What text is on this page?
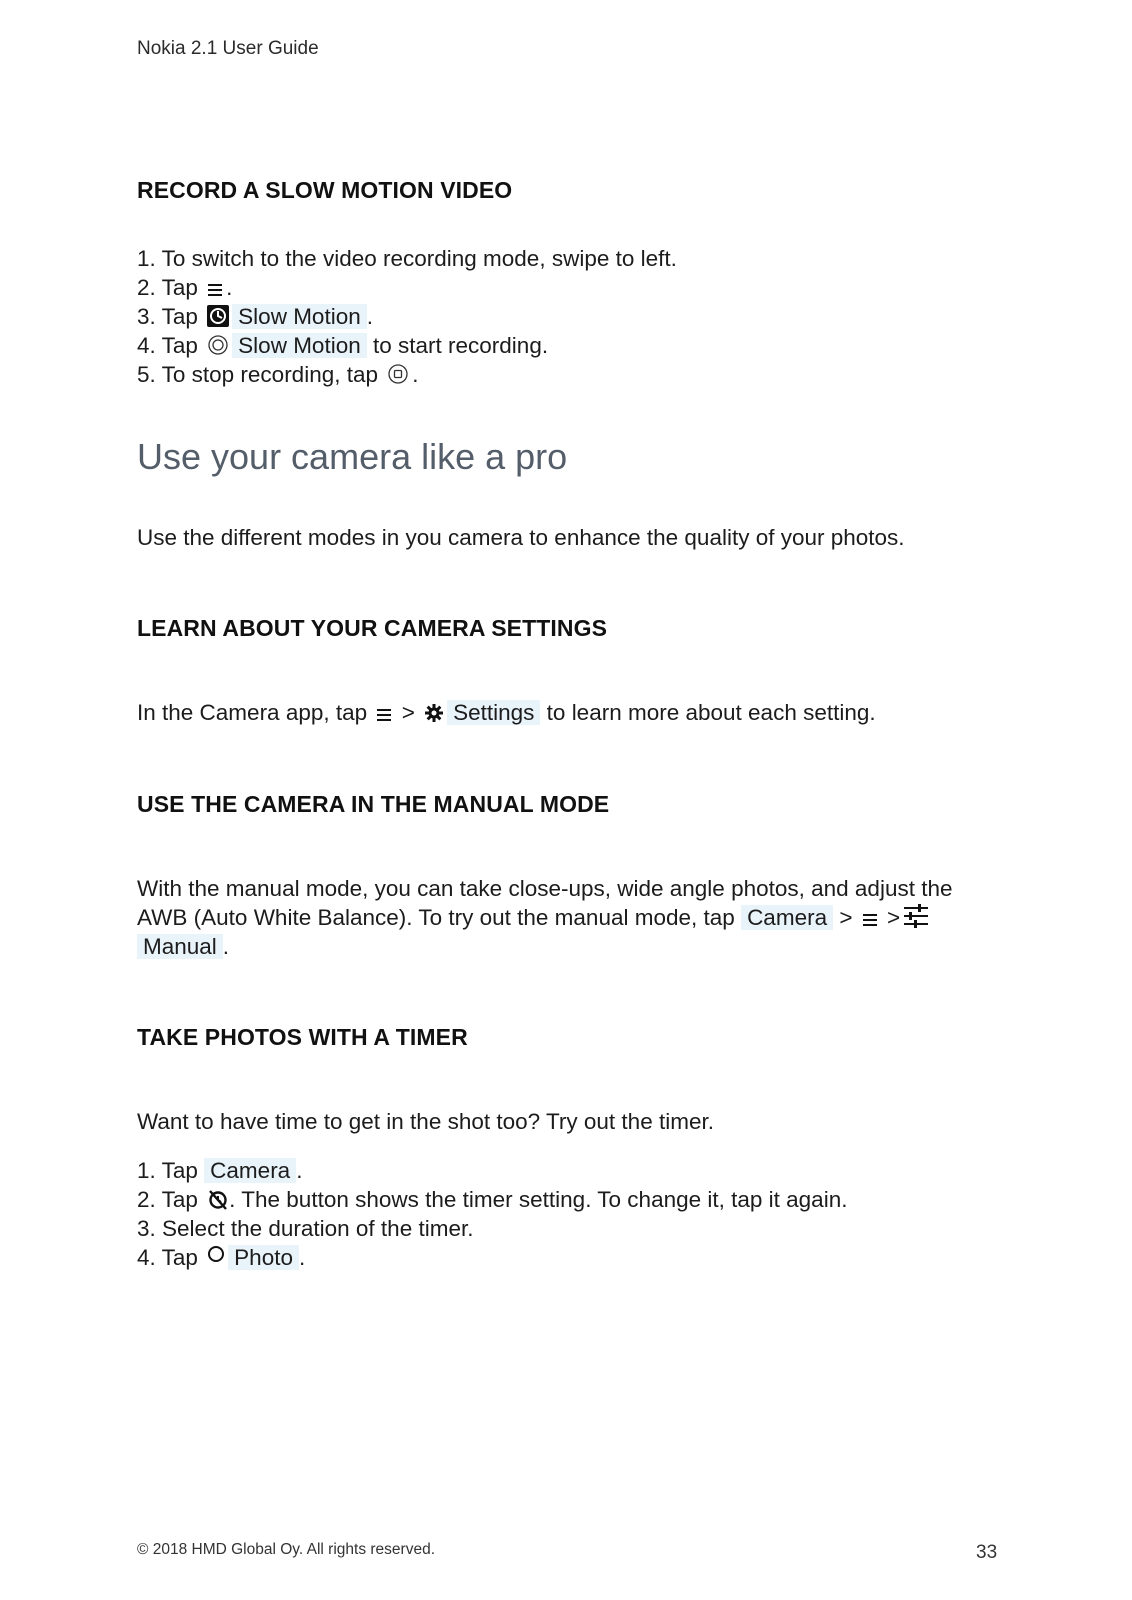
Nokia 2.1 User Guide
RECORD A SLOW MOTION VIDEO
1. To switch to the video recording mode, swipe to left.
2. Tap .
3. Tap Slow Motion .
4. Tap Slow Motion to start recording.
5. To stop recording, tap .
Use your camera like a pro
Use the different modes in you camera to enhance the quality of your photos.
LEARN ABOUT YOUR CAMERA SETTINGS
In the Camera app, tap > Settings to learn more about each setting.
USE THE CAMERA IN THE MANUAL MODE
With the manual mode, you can take close-ups, wide angle photos, and adjust the
AWB (Auto White Balance). To try out the manual mode, tap Camera > >
Manual .
TAKE PHOTOS WITH A TIMER
Want to have time to get in the shot too? Try out the timer.
1. Tap Camera .
2. Tap . The button shows the timer setting. To change it, tap it again.
3. Select the duration of the timer.
4. Tap Photo .
© 2018 HMD Global Oy. All rights reserved.	33
